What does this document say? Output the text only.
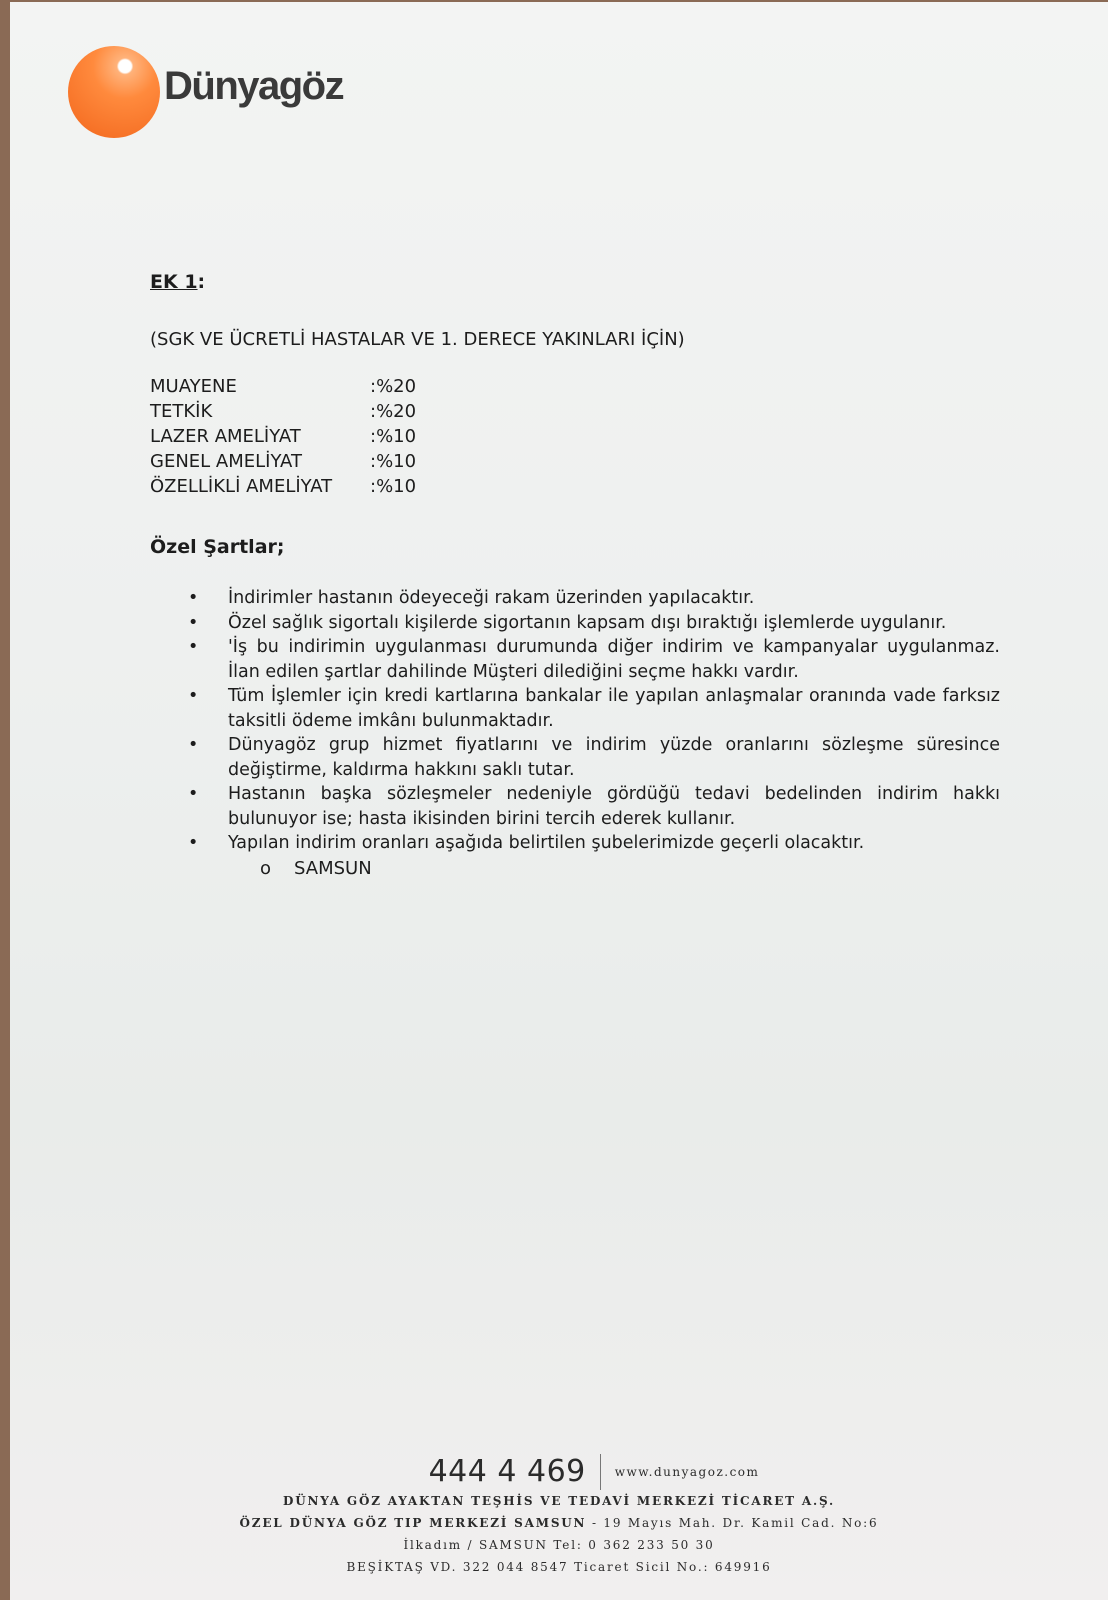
Dünyagöz
EK 1:
(SGK VE ÜCRETLİ HASTALAR VE 1. DERECE YAKINLARI İÇİN)
MUAYENE	:%20
TETKİK	:%20
LAZER AMELİYAT	:%10
GENEL AMELİYAT	:%10
ÖZELLİKLİ AMELİYAT	:%10
Özel Şartlar;
• İndirimler hastanın ödeyeceği rakam üzerinden yapılacaktır.
• Özel sağlık sigortalı kişilerde sigortanın kapsam dışı bıraktığı işlemlerde uygulanır.
• 'İş bu indirimin uygulanması durumunda diğer indirim ve kampanyalar uygulanmaz. İlan edilen şartlar dahilinde Müşteri dilediğini seçme hakkı vardır.
• Tüm İşlemler için kredi kartlarına bankalar ile yapılan anlaşmalar oranında vade farksız taksitli ödeme imkânı bulunmaktadır.
• Dünyagöz grup hizmet fiyatlarını ve indirim yüzde oranlarını sözleşme süresince değiştirme, kaldırma hakkını saklı tutar.
• Hastanın başka sözleşmeler nedeniyle gördüğü tedavi bedelinden indirim hakkı bulunuyor ise; hasta ikisinden birini tercih ederek kullanır.
• Yapılan indirim oranları aşağıda belirtilen şubelerimizde geçerli olacaktır.
o SAMSUN
444 4 469	www.dunyagoz.com
DÜNYA GÖZ AYAKTAN TEŞHİS VE TEDAVİ MERKEZİ TİCARET A.Ş.
ÖZEL DÜNYA GÖZ TIP MERKEZİ SAMSUN - 19 Mayıs Mah. Dr. Kamil Cad. No:6
İlkadım / SAMSUN Tel: 0 362 233 50 30
BEŞİKTAŞ VD. 322 044 8547 Ticaret Sicil No.: 649916
